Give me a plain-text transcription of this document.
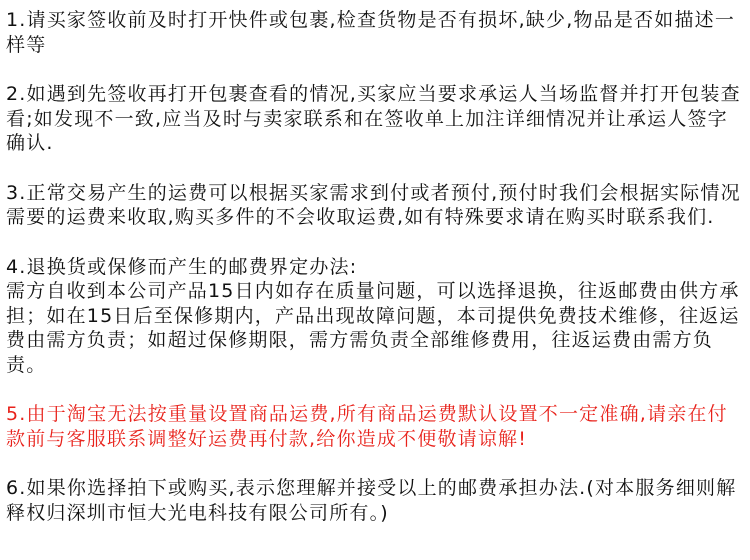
1.请买家签收前及时打开快件或包裹,检查货物是否有损坏,缺少,物品是否如描述一样等

2.如遇到先签收再打开包裹查看的情况,买家应当要求承运人当场监督并打开包装查看;如发现不一致,应当及时与卖家联系和在签收单上加注详细情况并让承运人签字确认.

3.正常交易产生的运费可以根据买家需求到付或者预付,预付时我们会根据实际情况需要的运费来收取,购买多件的不会收取运费,如有特殊要求请在购买时联系我们.

4.退换货或保修而产生的邮费界定办法:

需方自收到本公司产品15日内如存在质量问题，可以选择退换，往返邮费由供方承担；如在15日后至保修期内，产品出现故障问题，本司提供免费技术维修，往返运费由需方负责；如超过保修期限，需方需负责全部维修费用，往返运费由需方负责。

5.由于淘宝无法按重量设置商品运费,所有商品运费默认设置不一定准确,请亲在付款前与客服联系调整好运费再付款,给你造成不便敬请谅解!

6.如果你选择拍下或购买,表示您理解并接受以上的邮费承担办法.(对本服务细则解释权归深圳市恒大光电科技有限公司所有。)
